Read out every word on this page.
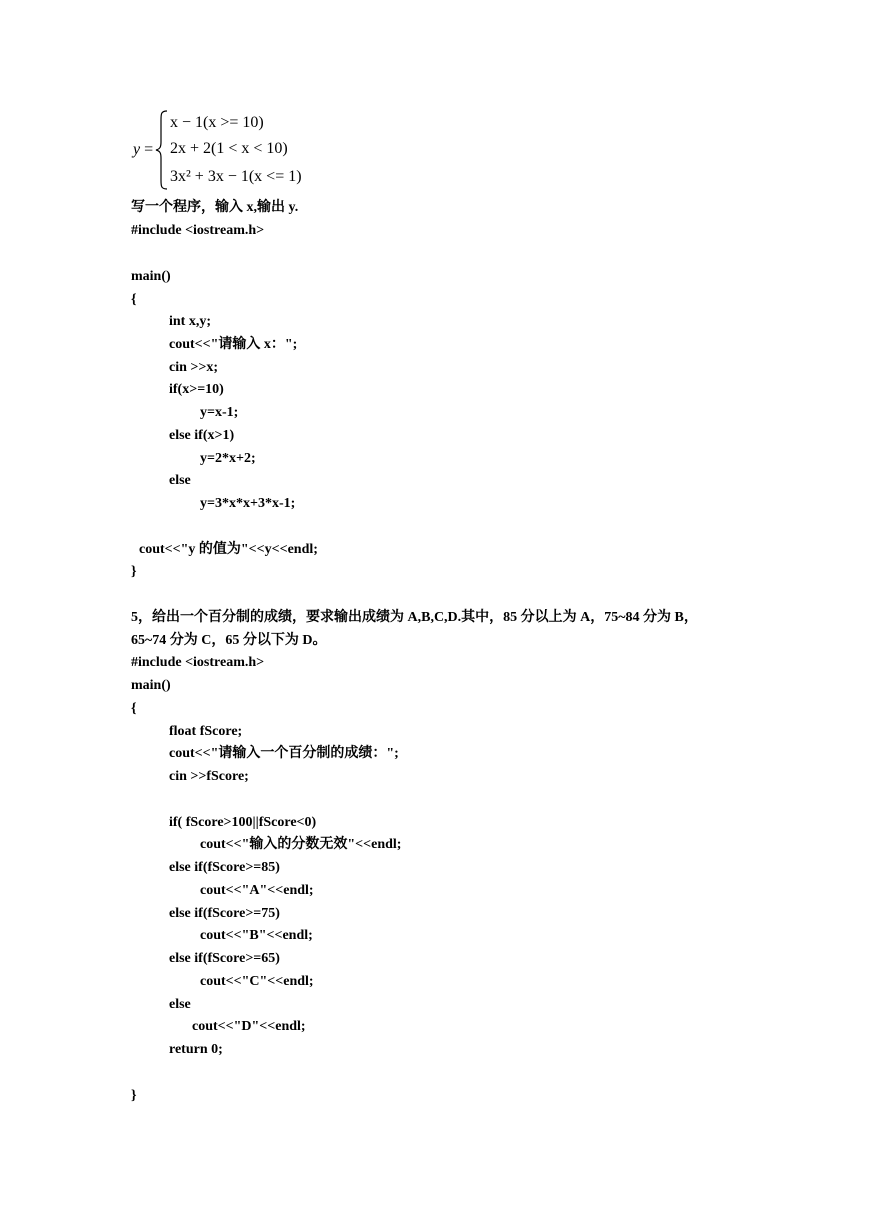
y =
x − 1(x >= 10)
2x + 2(1 < x < 10)
3x² + 3x − 1(x <= 1)
写一个程序，输入 x,输出 y.
#include <iostream.h>
main()
{
int x,y;
cout<<"请输入 x：";
cin >>x;
if(x>=10)
y=x-1;
else if(x>1)
y=2*x+2;
else
y=3*x*x+3*x-1;
cout<<"y 的值为"<<y<<endl;
}
5，给出一个百分制的成绩，要求输出成绩为 A,B,C,D.其中，85 分以上为 A，75~84 分为 B，
65~74 分为 C，65 分以下为 D。
#include <iostream.h>
main()
{
float fScore;
cout<<"请输入一个百分制的成绩：";
cin >>fScore;
if( fScore>100||fScore<0)
cout<<"输入的分数无效"<<endl;
else if(fScore>=85)
cout<<"A"<<endl;
else if(fScore>=75)
cout<<"B"<<endl;
else if(fScore>=65)
cout<<"C"<<endl;
else
cout<<"D"<<endl;
return 0;
}
